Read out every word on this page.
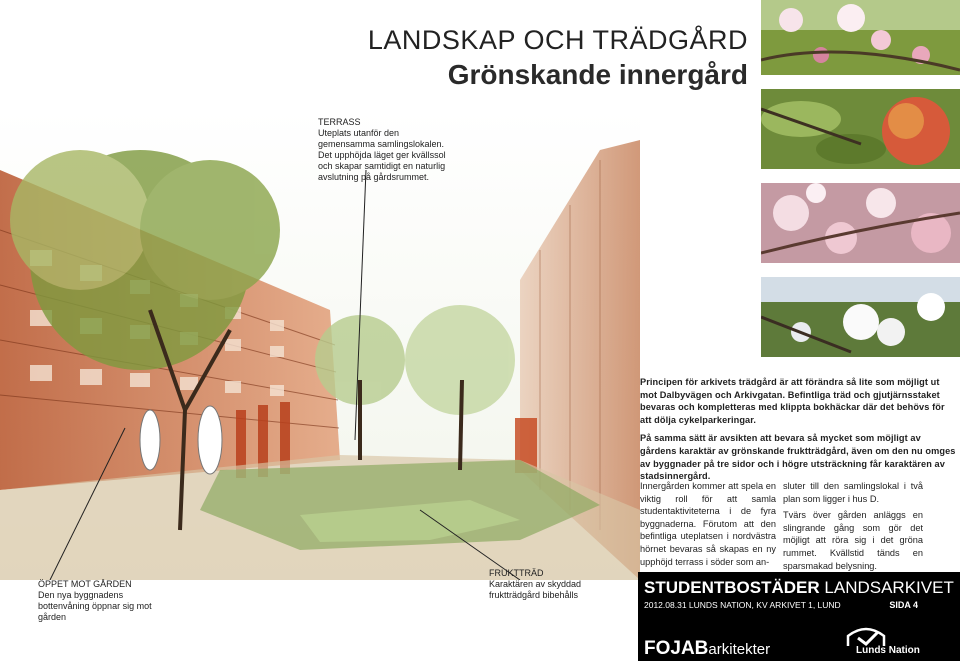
LANDSKAP OCH TRÄDGÅRD
Grönskande innergård
TERRASS
Uteplats utanför den gemensamma samlingslokalen. Det upphöjda läget ger kvällssol och skapar samtidigt en naturlig avslutning på gårdsrummet.
ÖPPET MOT GÅRDEN
Den nya byggnadens bottenvåning öppnar sig mot gården
FRUKTTRÄD
Karaktären av skyddad fruktträdgård bibehålls

Principen för arkivets trädgård är att förändra så lite som möjligt ut mot Dalbyvägen och Arkivgatan. Befintliga träd och gjutjärnsstaket bevaras och kompletteras med klippta bokhäckar där det behövs för att dölja cykelparkeringar.

På samma sätt är avsikten att bevara så mycket som möjligt av gårdens karaktär av grönskande fruktträdgård, även om den nu omges av byggnader på tre sidor och i högre utsträckning får karaktären av stadsinnergård.

Innergården kommer att spela en viktig roll för att samla studentaktiviteterna i de fyra byggnaderna. Förutom att den befintliga uteplatsen i nordvästra hörnet bevaras så skapas en ny upphöjd terrass i söder som an-

sluter till den samlingslokal i två plan som ligger i hus D.

Tvärs över gården anläggs en slingrande gång som gör det möjligt att röra sig i det gröna rummet. Kvällstid tänds en sparsmakad belysning.

STUDENTBOSTÄDER LANDSARKIVET
2012.08.31 LUNDS NATION, KV ARKIVET 1, LUND	SIDA 4
FOJABarkitekter	Lunds Nation
